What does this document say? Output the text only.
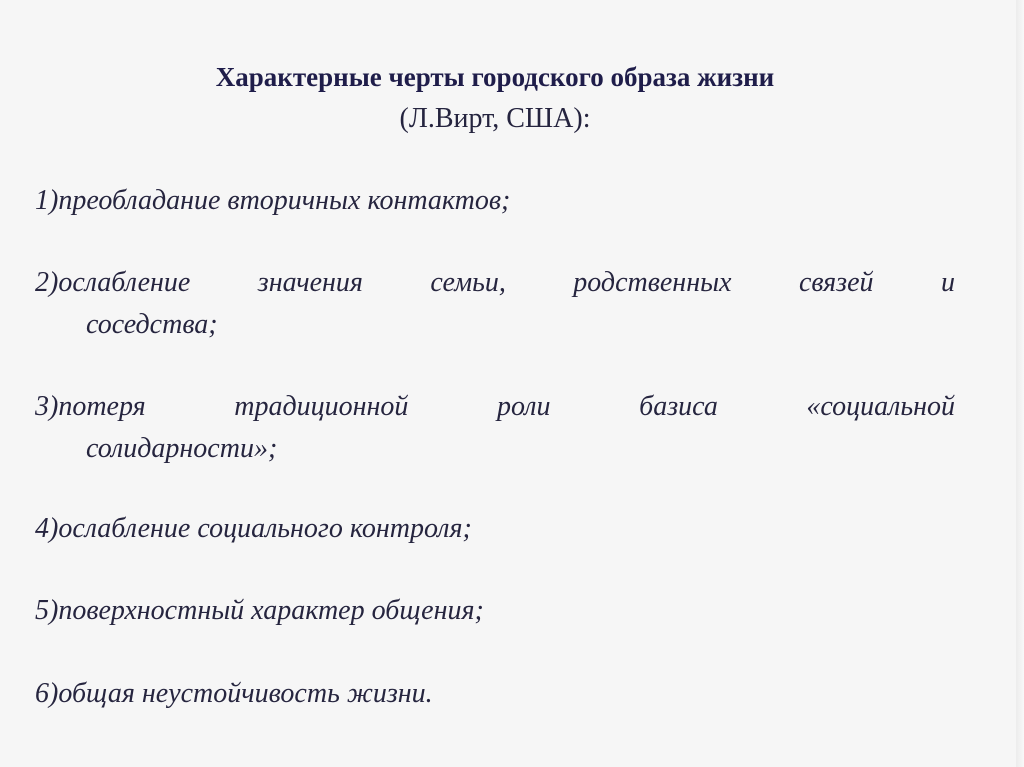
Характерные черты городского образа жизни
(Л.Вирт, США):
1)преобладание вторичных контактов;
2)ослабление значения семьи, родственных связей и
соседства;
3)потеря традиционной роли базиса «социальной
солидарности»;
4)ослабление социального контроля;
5)поверхностный характер общения;
6)общая неустойчивость жизни.
